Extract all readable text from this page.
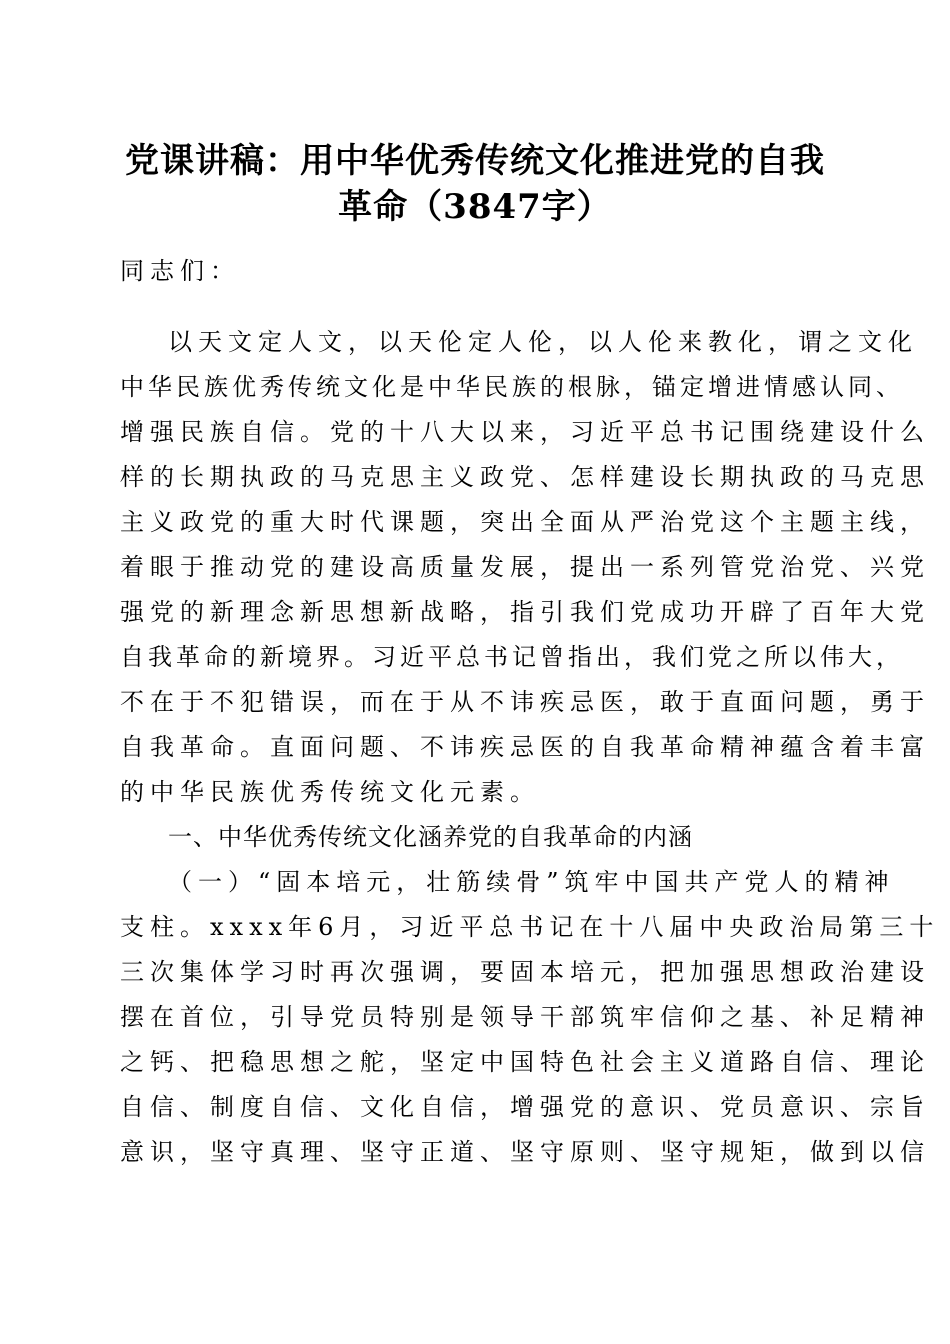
党课讲稿：用中华优秀传统文化推进党的自我
革命（3847字）
同志们：
以天文定人文，以天伦定人伦，以人伦来教化，谓之文化
中华民族优秀传统文化是中华民族的根脉，锚定增进情感认同、
增强民族自信。党的十八大以来，习近平总书记围绕建设什么
样的长期执政的马克思主义政党、怎样建设长期执政的马克思
主义政党的重大时代课题，突出全面从严治党这个主题主线，
着眼于推动党的建设高质量发展，提出一系列管党治党、兴党
强党的新理念新思想新战略，指引我们党成功开辟了百年大党
自我革命的新境界。习近平总书记曾指出，我们党之所以伟大，
不在于不犯错误，而在于从不讳疾忌医，敢于直面问题，勇于
自我革命。直面问题、不讳疾忌医的自我革命精神蕴含着丰富
的中华民族优秀传统文化元素。
一、中华优秀传统文化涵养党的自我革命的内涵
（一）“固本培元，壮筋续骨”筑牢中国共产党人的精神
支柱。xxxx年6月，习近平总书记在十八届中央政治局第三十
三次集体学习时再次强调，要固本培元，把加强思想政治建设
摆在首位，引导党员特别是领导干部筑牢信仰之基、补足精神
之钙、把稳思想之舵，坚定中国特色社会主义道路自信、理论
自信、制度自信、文化自信，增强党的意识、党员意识、宗旨
意识，坚守真理、坚守正道、坚守原则、坚守规矩，做到以信
